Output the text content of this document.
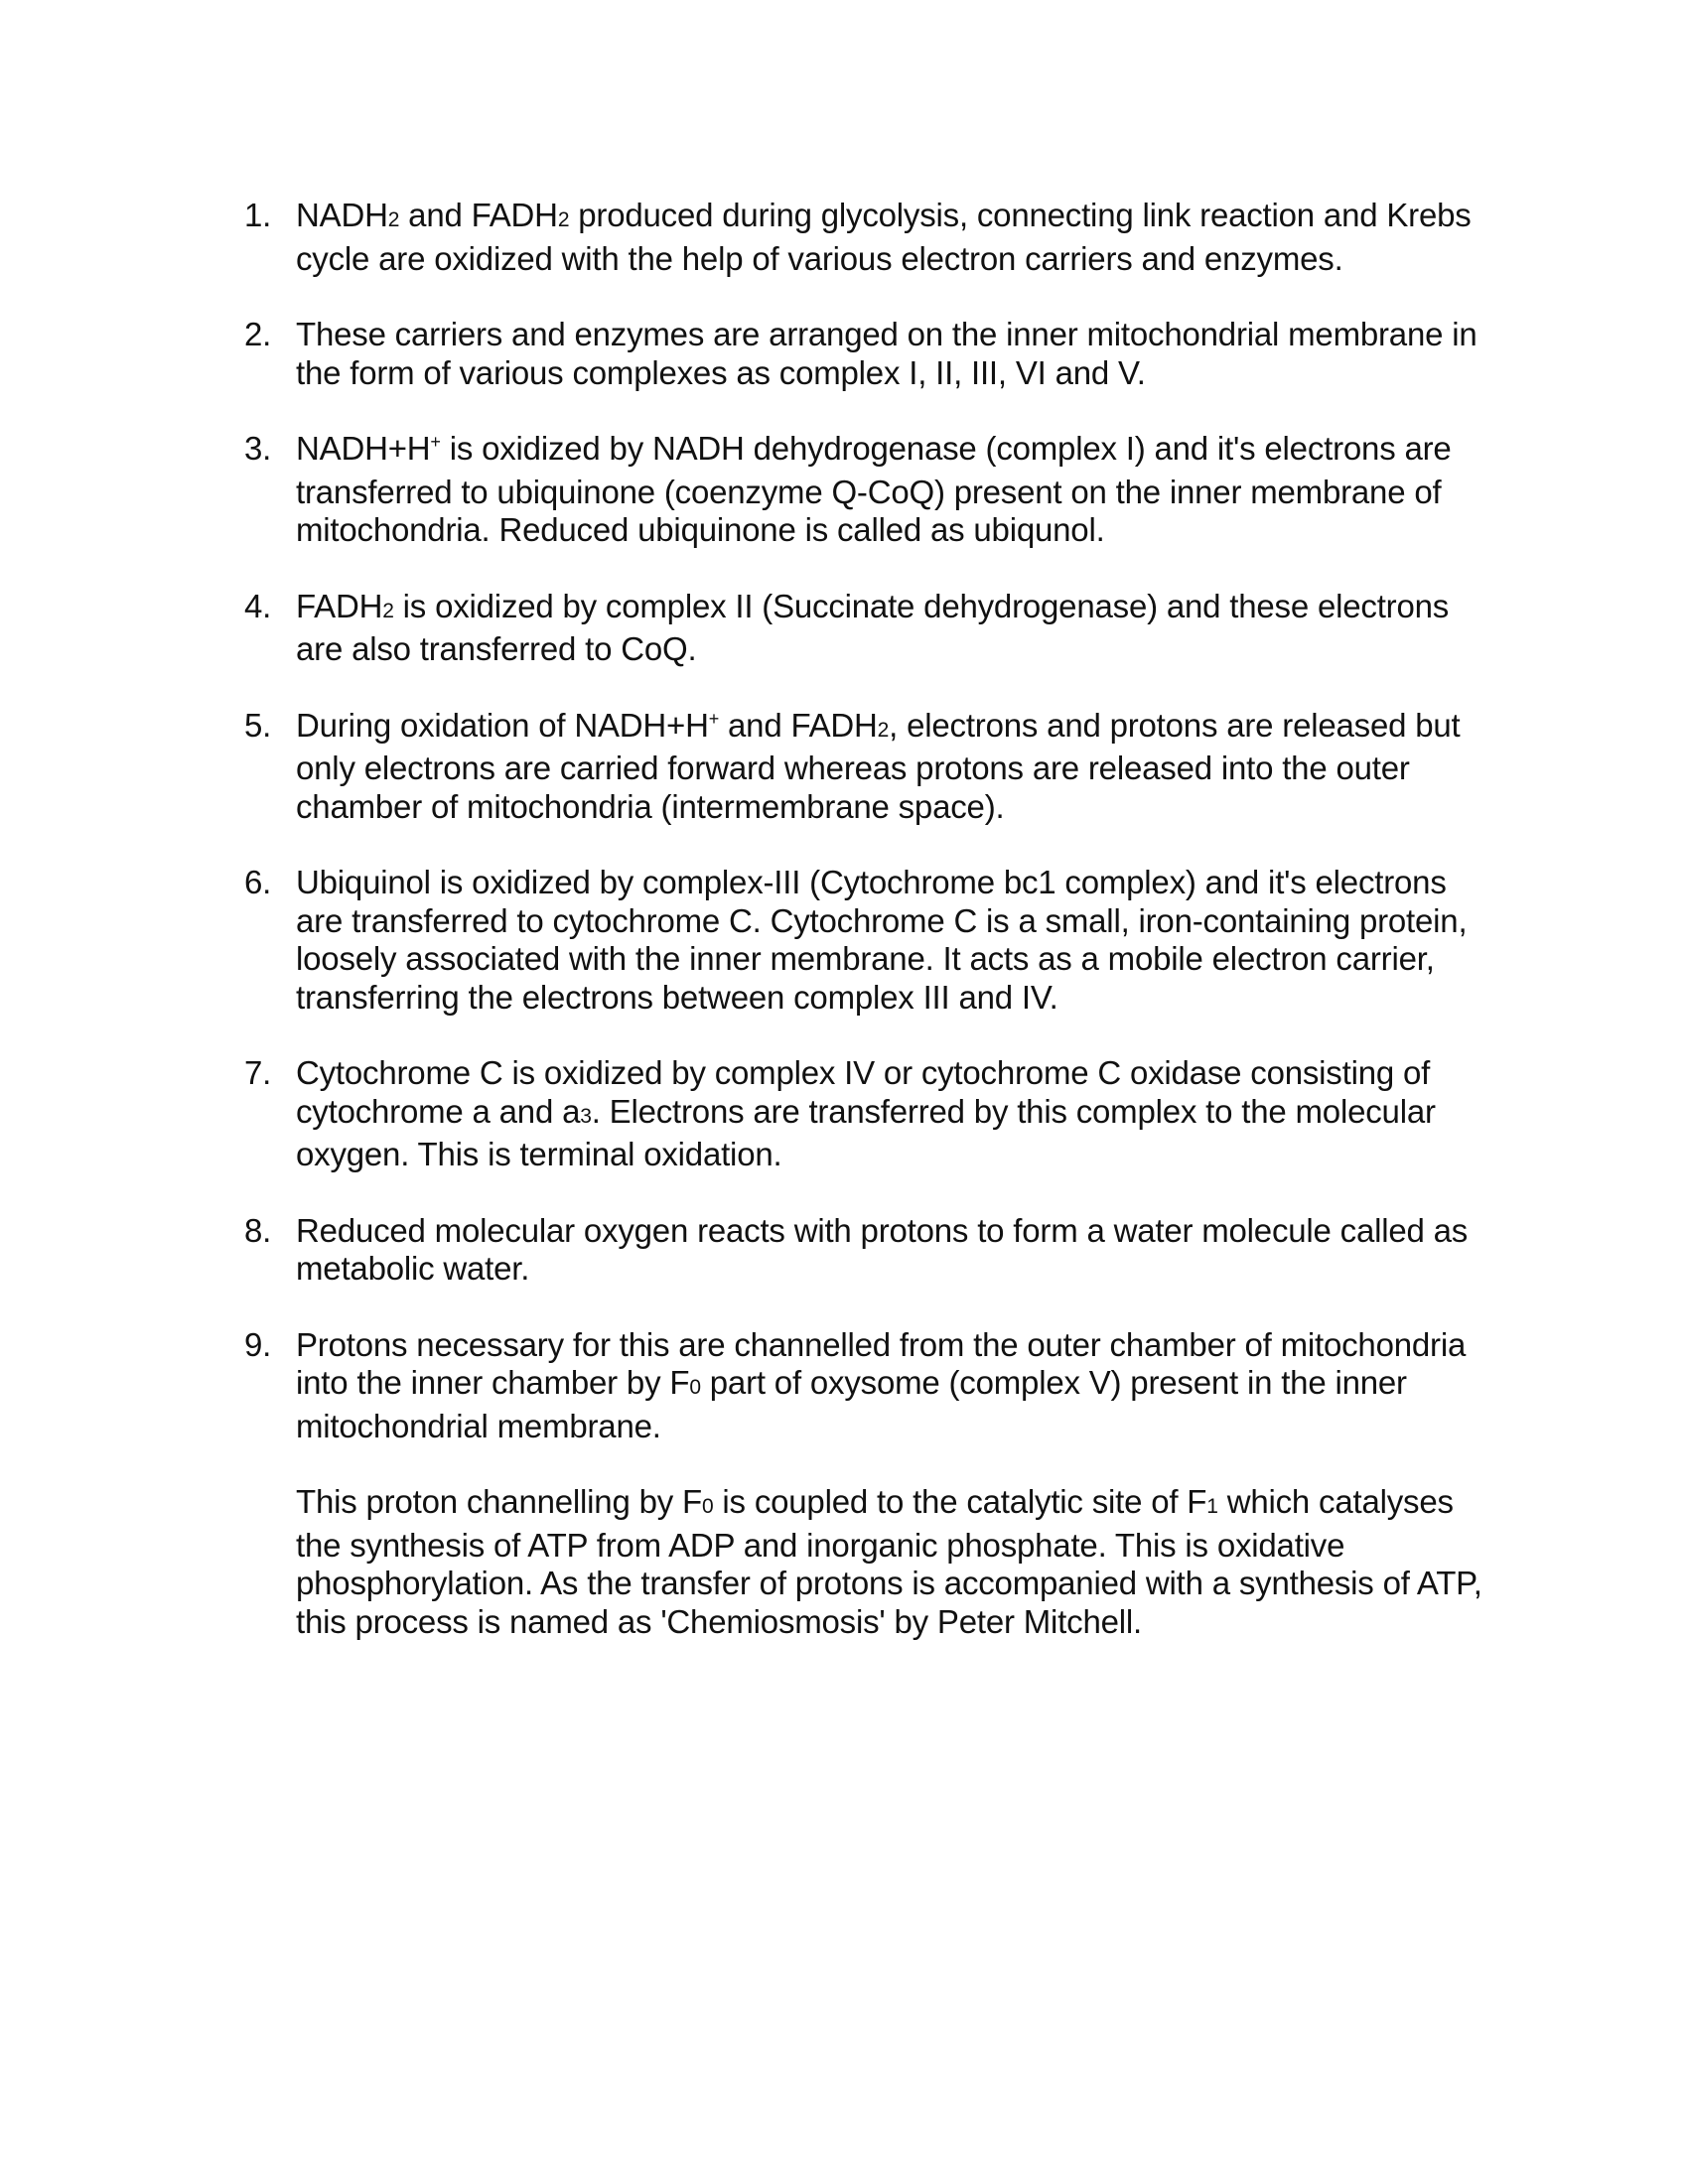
1. NADH2 and FADH2 produced during glycolysis, connecting link reaction and Krebs cycle are oxidized with the help of various electron carriers and enzymes.
2. These carriers and enzymes are arranged on the inner mitochondrial membrane in the form of various complexes as complex I, II, III, VI and V.
3. NADH+H+ is oxidized by NADH dehydrogenase (complex I) and it's electrons are transferred to ubiquinone (coenzyme Q-CoQ) present on the inner membrane of mitochondria. Reduced ubiquinone is called as ubiqunol.
4. FADH2 is oxidized by complex II (Succinate dehydrogenase) and these electrons are also transferred to CoQ.
5. During oxidation of NADH+H+ and FADH2, electrons and protons are released but only electrons are carried forward whereas protons are released into the outer chamber of mitochondria (intermembrane space).
6. Ubiquinol is oxidized by complex-III (Cytochrome bc1 complex) and it's electrons are transferred to cytochrome C. Cytochrome C is a small, iron-containing protein, loosely associated with the inner membrane. It acts as a mobile electron carrier, transferring the electrons between complex III and IV.
7. Cytochrome C is oxidized by complex IV or cytochrome C oxidase consisting of cytochrome a and a3. Electrons are transferred by this complex to the molecular oxygen. This is terminal oxidation.
8. Reduced molecular oxygen reacts with protons to form a water molecule called as metabolic water.
9. Protons necessary for this are channelled from the outer chamber of mitochondria into the inner chamber by F0 part of oxysome (complex V) present in the inner mitochondrial membrane.
This proton channelling by F0 is coupled to the catalytic site of F1 which catalyses the synthesis of ATP from ADP and inorganic phosphate. This is oxidative phosphorylation. As the transfer of protons is accompanied with a synthesis of ATP, this process is named as 'Chemiosmosis' by Peter Mitchell.
